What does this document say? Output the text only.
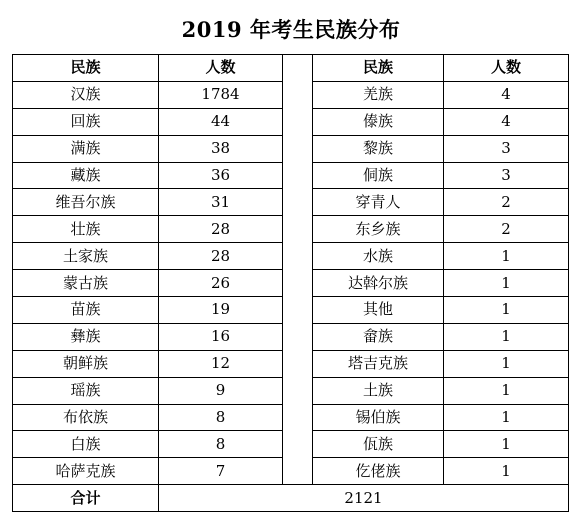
2019 年考生民族分布
民族	人数		民族	人数
汉族	1784		羌族	4
回族	44		傣族	4
满族	38		黎族	3
藏族	36		侗族	3
维吾尔族	31		穿青人	2
壮族	28		东乡族	2
土家族	28		水族	1
蒙古族	26		达斡尔族	1
苗族	19		其他	1
彝族	16		畲族	1
朝鲜族	12		塔吉克族	1
瑶族	9		土族	1
布依族	8		锡伯族	1
白族	8		佤族	1
哈萨克族	7		仡佬族	1
合计	2121			
